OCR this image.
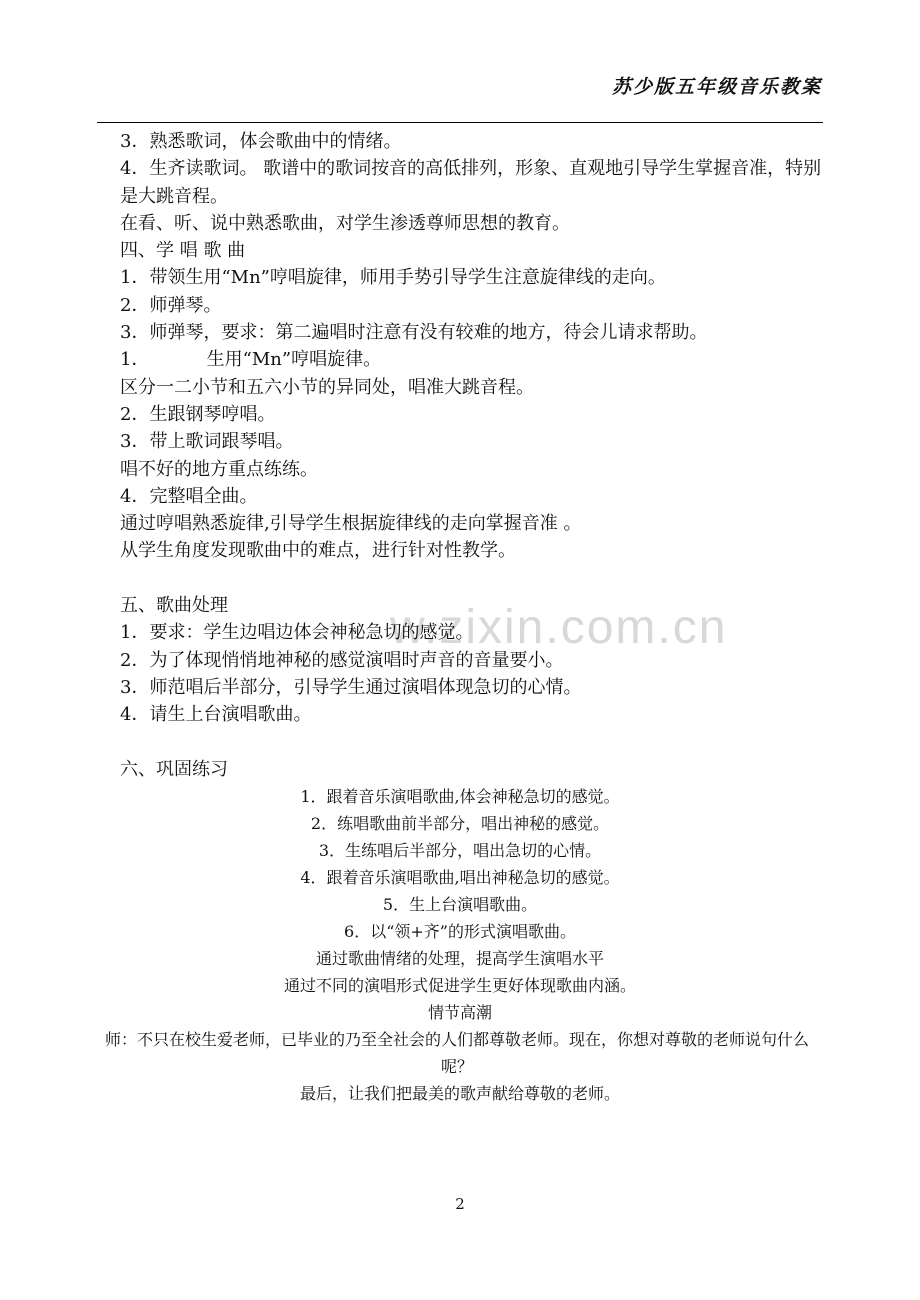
w.zixin.com.cn
苏少版五年级音乐教案
3．熟悉歌词，体会歌曲中的情绪。
4．生齐读歌词。 歌谱中的歌词按音的高低排列，形象、直观地引导学生掌握音准，特别是大跳音程。
在看、听、说中熟悉歌曲，对学生渗透尊师思想的教育。
四、学 唱 歌 曲
1．带领生用“Mn”哼唱旋律，师用手势引导学生注意旋律线的走向。
2．师弹琴。
3．师弹琴，要求：第二遍唱时注意有没有较难的地方，待会儿请求帮助。
1．          生用“Mn”哼唱旋律。
区分一二小节和五六小节的异同处，唱准大跳音程。
2．生跟钢琴哼唱。
3．带上歌词跟琴唱。
唱不好的地方重点练练。
4．完整唱全曲。
通过哼唱熟悉旋律,引导学生根据旋律线的走向掌握音准 。
从学生角度发现歌曲中的难点，进行针对性教学。
五、歌曲处理
1．要求：学生边唱边体会神秘急切的感觉。
2．为了体现悄悄地神秘的感觉演唱时声音的音量要小。
3．师范唱后半部分，引导学生通过演唱体现急切的心情。
4．请生上台演唱歌曲。
六、巩固练习
1．跟着音乐演唱歌曲,体会神秘急切的感觉。
2．练唱歌曲前半部分，唱出神秘的感觉。
3．生练唱后半部分，唱出急切的心情。
4．跟着音乐演唱歌曲,唱出神秘急切的感觉。
5．生上台演唱歌曲。
6．以“领+齐”的形式演唱歌曲。
通过歌曲情绪的处理，提高学生演唱水平
通过不同的演唱形式促进学生更好体现歌曲内涵。
情节高潮
师：不只在校生爱老师，已毕业的乃至全社会的人们都尊敬老师。现在，你想对尊敬的老师说句什么呢？
最后，让我们把最美的歌声献给尊敬的老师。
2
